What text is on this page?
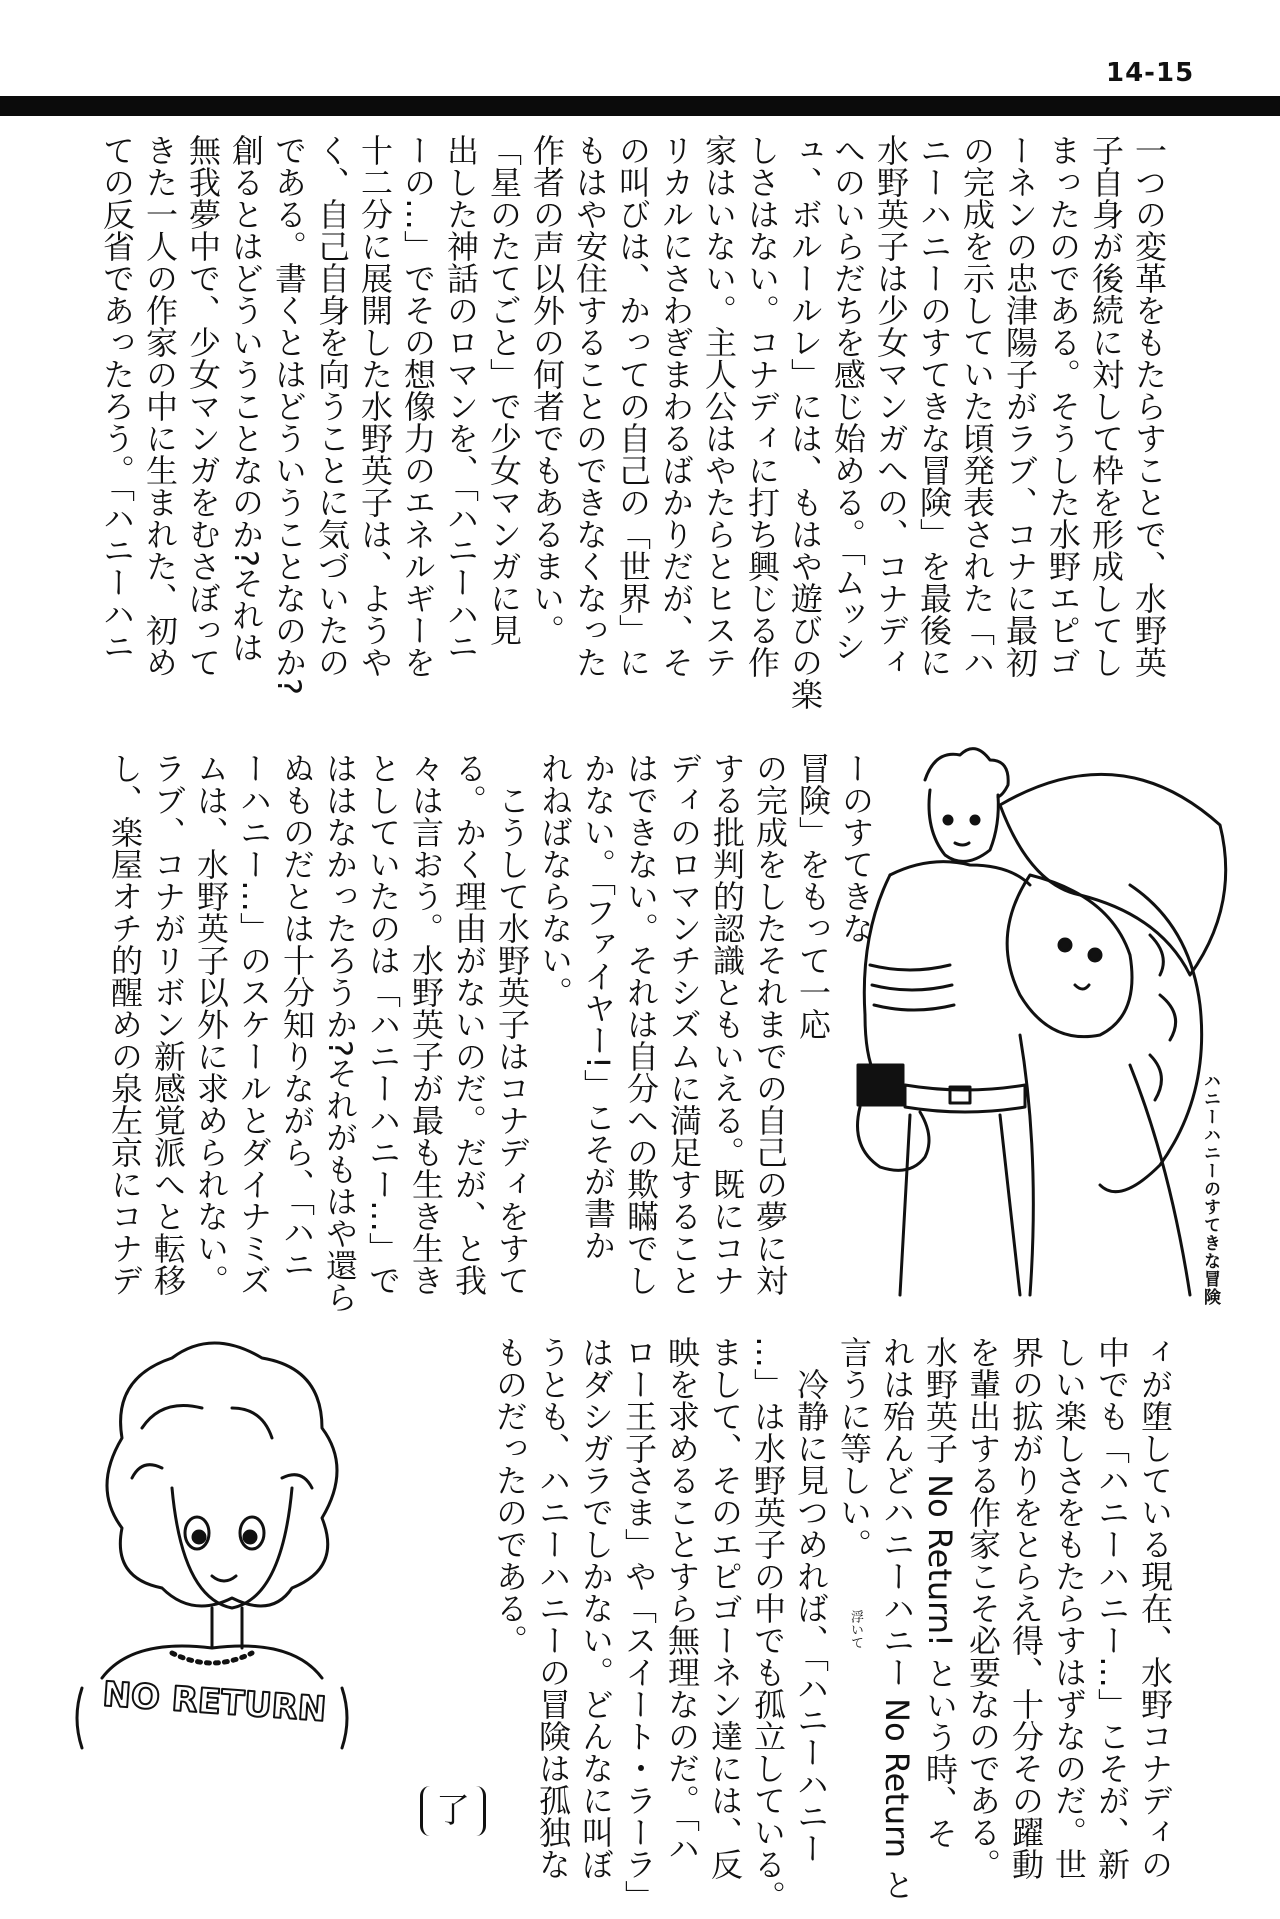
14-15
一つの変革をもたらすことで、水野英
子自身が後続に対して枠を形成してし
まったのである。そうした水野エピゴ
ーネンの忠津陽子がラブ、コナに最初
の完成を示していた頃発表された「ハ
ニーハニーのすてきな冒険」を最後に
水野英子は少女マンガへの、コナディ
へのいらだちを感じ始める。「ムッシ
ュ、ボルールレ」には、もはや遊びの楽
しさはない。コナディに打ち興じる作
家はいない。主人公はやたらとヒステ
リカルにさわぎまわるばかりだが、そ
の叫びは、かっての自己の「世界」に
もはや安住することのできなくなった
作者の声以外の何者でもあるまい。
「星のたてごと」で少女マンガに見
出した神話のロマンを、「ハニーハニ
ーの…」でその想像力のエネルギーを
十二分に展開した水野英子は、ようや
く、自己自身を向うことに気づいたの
である。書くとはどういうことなのか?
創るとはどういうことなのか?それは
無我夢中で、少女マンガをむさぼって
きた一人の作家の中に生まれた、初め
ての反省であったろう。「ハニーハニ
ーのすてきな
冒険」をもって一応
の完成をしたそれまでの自己の夢に対
する批判的認識ともいえる。既にコナ
ディのロマンチシズムに満足すること
はできない。それは自分への欺瞞でし
かない。「ファイヤー!」こそが書か
れねばならない。
　こうして水野英子はコナディをすて
る。かく理由がないのだ。だが、と我
々は言おう。水野英子が最も生き生き
としていたのは「ハニーハニー…」で
ははなかったろうか?それがもはや還ら
ぬものだとは十分知りながら、「ハニ
ーハニー…」のスケールとダイナミズ
ムは、水野英子以外に求められない。
ラブ、コナがリボン新感覚派へと転移
し、楽屋オチ的醒めの泉左京にコナデ
ィが堕している現在、水野コナディの
中でも「ハニーハニー…」こそが、新
しい楽しさをもたらすはずなのだ。世
界の拡がりをとらえ得、十分その躍動
を輩出する作家こそ必要なのである。
水野英子 No Return! という時、そ
れは殆んどハニーハニー No Return と
言うに等しい。
　冷静に見つめれば、「ハニーハニー
…」は水野英子の中でも孤立している。
まして、そのエピゴーネン達には、反
映を求めることすら無理なのだ。「ハ
ロー王子さま」や「スイート・ラーラ」
はダシガラでしかない。どんなに叫ぼ
うとも、ハニーハニーの冒険は孤独な
ものだったのである。
ハニーハニーのすてきな冒険
NO RETURN
浮いて
了
